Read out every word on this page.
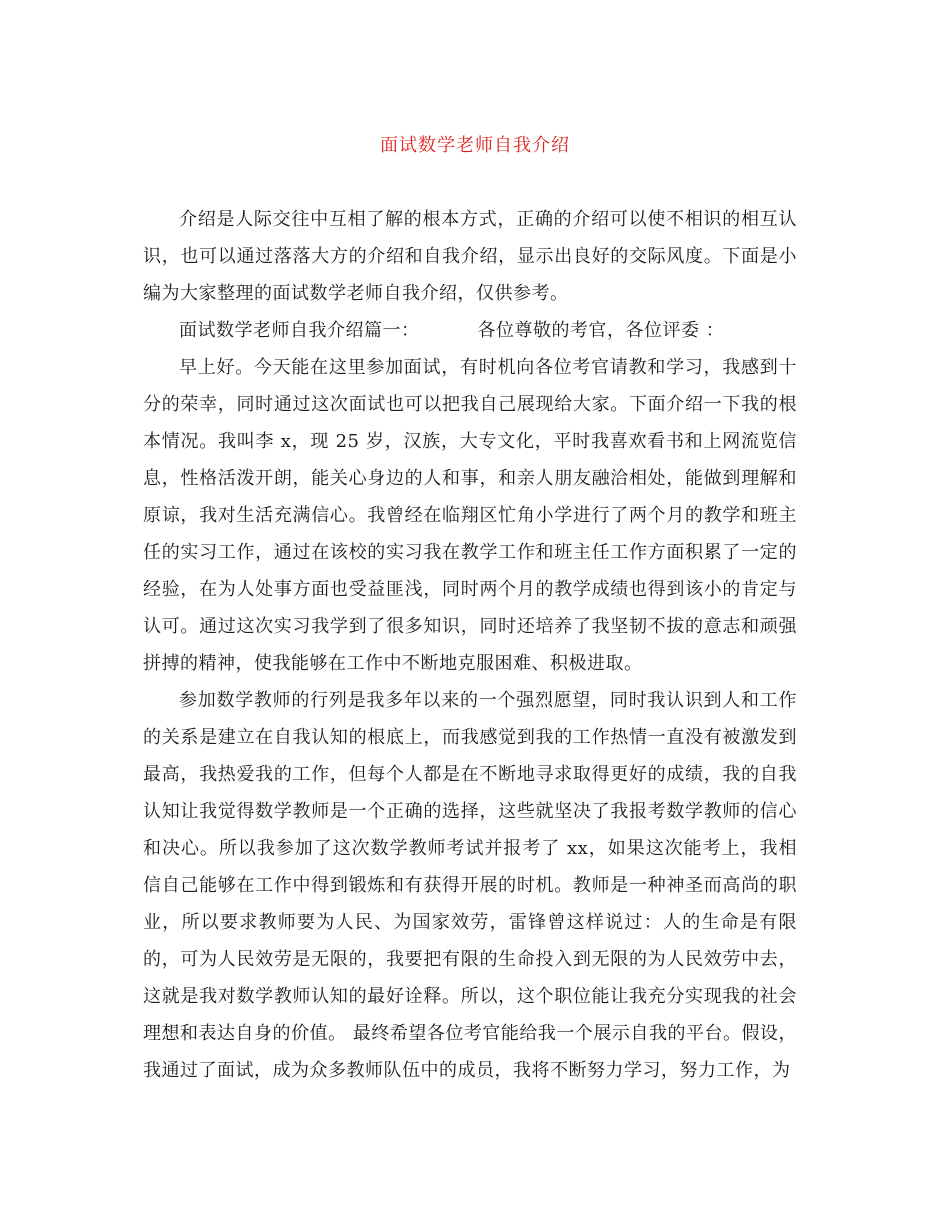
面试数学老师自我介绍

介绍是人际交往中互相了解的根本方式，正确的介绍可以使不相识的相互认识，也可以通过落落大方的介绍和自我介绍，显示出良好的交际风度。下面是小编为大家整理的面试数学老师自我介绍，仅供参考。

面试数学老师自我介绍篇一：	各位尊敬的考官，各位评委 ：

早上好。今天能在这里参加面试，有时机向各位考官请教和学习，我感到十分的荣幸，同时通过这次面试也可以把我自己展现给大家。下面介绍一下我的根本情况。我叫李 x，现 25 岁，汉族，大专文化，平时我喜欢看书和上网流览信息，性格活泼开朗，能关心身边的人和事，和亲人朋友融洽相处，能做到理解和原谅，我对生活充满信心。我曾经在临翔区忙角小学进行了两个月的教学和班主任的实习工作，通过在该校的实习我在教学工作和班主任工作方面积累了一定的经验，在为人处事方面也受益匪浅，同时两个月的教学成绩也得到该小的肯定与认可。通过这次实习我学到了很多知识，同时还培养了我坚韧不拔的意志和顽强拼搏的精神，使我能够在工作中不断地克服困难、积极进取。

参加数学教师的行列是我多年以来的一个强烈愿望，同时我认识到人和工作的关系是建立在自我认知的根底上，而我感觉到我的工作热情一直没有被激发到最高，我热爱我的工作，但每个人都是在不断地寻求取得更好的成绩，我的自我认知让我觉得数学教师是一个正确的选择，这些就坚决了我报考数学教师的信心和决心。所以我参加了这次数学教师考试并报考了 xx，如果这次能考上，我相信自己能够在工作中得到锻炼和有获得开展的时机。教师是一种神圣而高尚的职业，所以要求教师要为人民、为国家效劳，雷锋曾这样说过：人的生命是有限的，可为人民效劳是无限的，我要把有限的生命投入到无限的为人民效劳中去，这就是我对数学教师认知的最好诠释。所以，这个职位能让我充分实现我的社会理想和表达自身的价值。 最终希望各位考官能给我一个展示自我的平台。假设，我通过了面试，成为众多教师队伍中的成员，我将不断努力学习，努力工作，为
